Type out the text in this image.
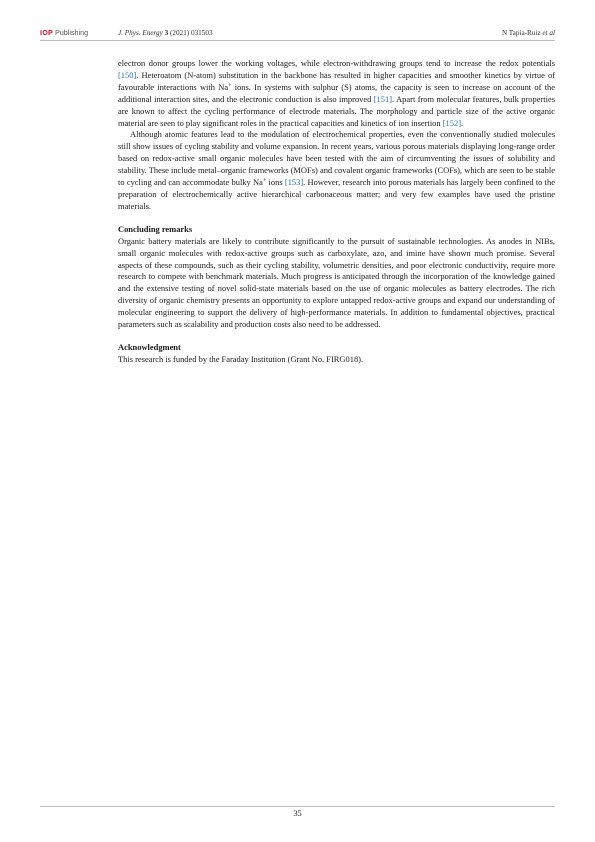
IOP Publishing	J. Phys. Energy 3 (2021) 031503	N Tapia-Ruiz et al

electron donor groups lower the working voltages, while electron-withdrawing groups tend to increase the redox potentials [150]. Heteroatom (N-atom) substitution in the backbone has resulted in higher capacities and smoother kinetics by virtue of favourable interactions with Na+ ions. In systems with sulphur (S) atoms, the capacity is seen to increase on account of the additional interaction sites, and the electronic conduction is also improved [151]. Apart from molecular features, bulk properties are known to affect the cycling performance of electrode materials. The morphology and particle size of the active organic material are seen to play significant roles in the practical capacities and kinetics of ion insertion [152].

Although atomic features lead to the modulation of electrochemical properties, even the conventionally studied molecules still show issues of cycling stability and volume expansion. In recent years, various porous materials displaying long-range order based on redox-active small organic molecules have been tested with the aim of circumventing the issues of solubility and stability. These include metal–organic frameworks (MOFs) and covalent organic frameworks (COFs), which are seen to be stable to cycling and can accommodate bulky Na+ ions [153]. However, research into porous materials has largely been confined to the preparation of electrochemically active hierarchical carbonaceous matter; and very few examples have used the pristine materials.

Concluding remarks

Organic battery materials are likely to contribute significantly to the pursuit of sustainable technologies. As anodes in NIBs, small organic molecules with redox-active groups such as carboxylate, azo, and imine have shown much promise. Several aspects of these compounds, such as their cycling stability, volumetric densities, and poor electronic conductivity, require more research to compete with benchmark materials. Much progress is anticipated through the incorporation of the knowledge gained and the extensive testing of novel solid-state materials based on the use of organic molecules as battery electrodes. The rich diversity of organic chemistry presents an opportunity to explore untapped redox-active groups and expand our understanding of molecular engineering to support the delivery of high-performance materials. In addition to fundamental objectives, practical parameters such as scalability and production costs also need to be addressed.

Acknowledgment

This research is funded by the Faraday Institution (Grant No. FIRG018).

35
